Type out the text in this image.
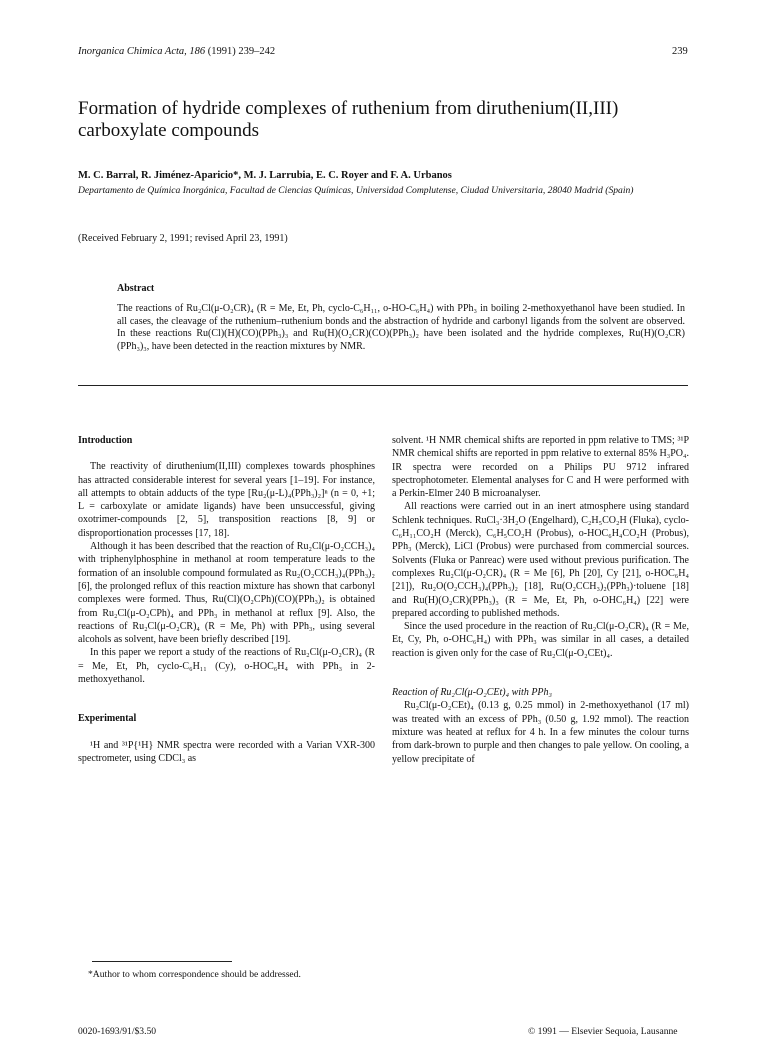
Inorganica Chimica Acta, 186 (1991) 239–242	239
Formation of hydride complexes of ruthenium from diruthenium(II,III) carboxylate compounds
M. C. Barral, R. Jiménez-Aparicio*, M. J. Larrubia, E. C. Royer and F. A. Urbanos
Departamento de Química Inorgánica, Facultad de Ciencias Químicas, Universidad Complutense, Ciudad Universitaria, 28040 Madrid (Spain)
(Received February 2, 1991; revised April 23, 1991)
Abstract
The reactions of Ru₂Cl(μ-O₂CR)₄ (R = Me, Et, Ph, cyclo-C₆H₁₁, o-HO-C₆H₄) with PPh₃ in boiling 2-methoxyethanol have been studied. In all cases, the cleavage of the ruthenium–ruthenium bonds and the abstraction of hydride and carbonyl ligands from the solvent are observed. In these reactions Ru(Cl)(H)(CO)(PPh₃)₃ and Ru(H)(O₂CR)(CO)(PPh₃)₂ have been isolated and the hydride complexes, Ru(H)(O₂CR)(PPh₃)₃, have been detected in the reaction mixtures by NMR.

Introduction

The reactivity of diruthenium(II,III) complexes towards phosphines has attracted considerable interest for several years [1–19]. For instance, all attempts to obtain adducts of the type [Ru₂(μ-L)₄(PPh₃)₂]ⁿ (n = 0, +1; L = carboxylate or amidate ligands) have been unsuccessful, giving oxotrimer-compounds [2, 5], transposition reactions [8, 9] or disproportionation processes [17, 18].

Although it has been described that the reaction of Ru₂Cl(μ-O₂CCH₃)₄ with triphenylphosphine in methanol at room temperature leads to the formation of an insoluble compound formulated as Ru₂(O₂CCH₃)₄(PPh₃)₂ [6], the prolonged reflux of this reaction mixture has shown that carbonyl complexes were formed. Thus, Ru(Cl)(O₂CPh)(CO)(PPh₃)₂ is obtained from Ru₂Cl(μ-O₂CPh)₄ and PPh₃ in methanol at reflux [9]. Also, the reactions of Ru₂Cl(μ-O₂CR)₄ (R = Me, Ph) with PPh₃, using several alcohols as solvent, have been briefly described [19].

In this paper we report a study of the reactions of Ru₂Cl(μ-O₂CR)₄ (R = Me, Et, Ph, cyclo-C₆H₁₁ (Cy), o-HOC₆H₄ with PPh₃ in 2-methoxyethanol.

Experimental

¹H and ³¹P{¹H} NMR spectra were recorded with a Varian VXR-300 spectrometer, using CDCl₃ as

solvent. ¹H NMR chemical shifts are reported in ppm relative to TMS; ³¹P NMR chemical shifts are reported in ppm relative to external 85% H₃PO₄. IR spectra were recorded on a Philips PU 9712 infrared spectrophotometer. Elemental analyses for C and H were performed with a Perkin-Elmer 240 B microanalyser.

All reactions were carried out in an inert atmosphere using standard Schlenk techniques. RuCl₃·3H₂O (Engelhard), C₂H₅CO₂H (Fluka), cyclo-C₆H₁₁CO₂H (Merck), C₆H₅CO₂H (Probus), o-HOC₆H₄CO₂H (Probus), PPh₃ (Merck), LiCl (Probus) were purchased from commercial sources. Solvents (Fluka or Panreac) were used without previous purification. The complexes Ru₂Cl(μ-O₂CR)₄ (R = Me [6], Ph [20], Cy [21], o-HOC₆H₄ [21]), Ru₂O(O₂CCH₃)₄(PPh₃)₂ [18], Ru(O₂CCH₃)₂(PPh₃)·toluene [18] and Ru(H)(O₂CR)(PPh₃)₃ (R = Me, Et, Ph, o-OHC₆H₄) [22] were prepared according to published methods.

Since the used procedure in the reaction of Ru₂Cl(μ-O₂CR)₄ (R = Me, Et, Cy, Ph, o-OHC₆H₄) with PPh₃ was similar in all cases, a detailed reaction is given only for the case of Ru₂Cl(μ-O₂CEt)₄.

Reaction of Ru₂Cl(μ-O₂CEt)₄ with PPh₃

Ru₂Cl(μ-O₂CEt)₄ (0.13 g, 0.25 mmol) in 2-methoxyethanol (17 ml) was treated with an excess of PPh₃ (0.50 g, 1.92 mmol). The reaction mixture was heated at reflux for 4 h. In a few minutes the colour turns from dark-brown to purple and then changes to pale yellow. On cooling, a yellow precipitate of

*Author to whom correspondence should be addressed.
0020-1693/91/$3.50	© 1991 — Elsevier Sequoia, Lausanne
